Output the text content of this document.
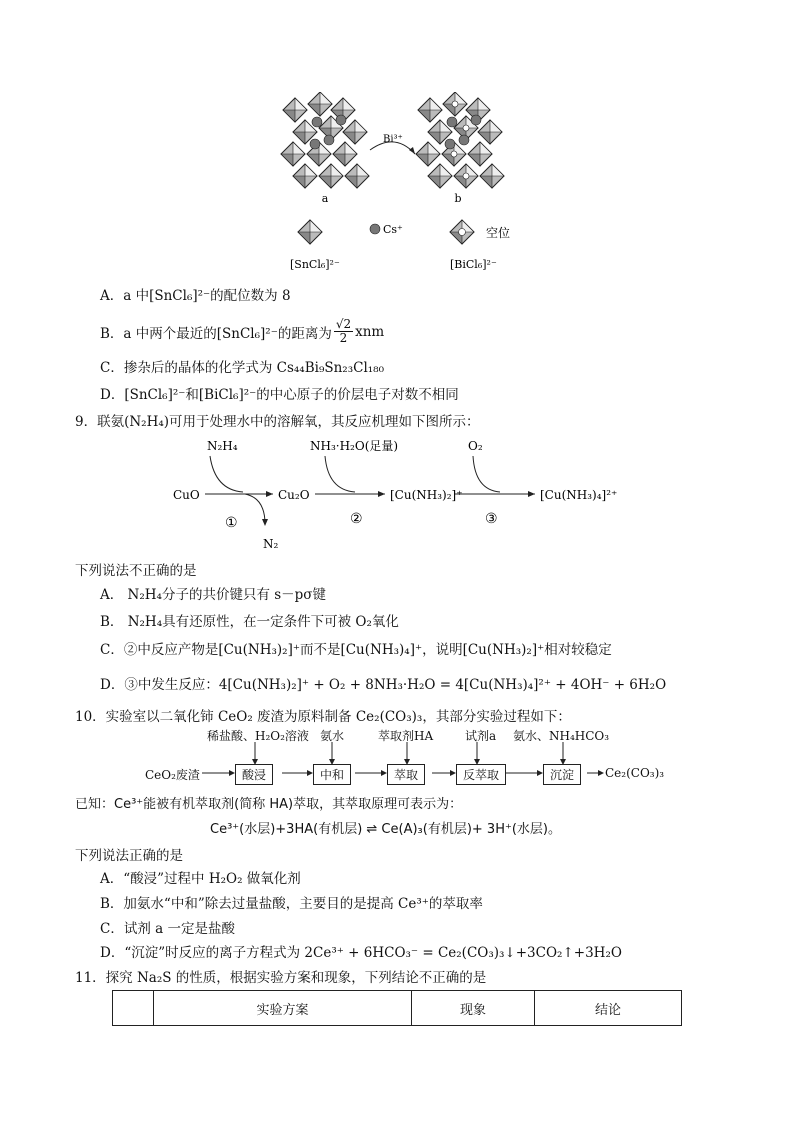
a	b
Bi³⁺
Cs⁺	空位
[SnCl₆]²⁻	[BiCl₆]²⁻
A．a 中[SnCl₆]²⁻的配位数为 8
B．a 中两个最近的[SnCl₆]²⁻的距离为 $\frac{√2}{2}$ xnm
C．掺杂后的晶体的化学式为 Cs₄₄Bi₉Sn₂₃Cl₁₈₀
D．[SnCl₆]²⁻和[BiCl₆]²⁻的中心原子的价层电子对数不相同
9．联氨(N₂H₄)可用于处理水中的溶解氧，其反应机理如下图所示：
N₂H₄	NH₃·H₂O(足量)	O₂
CuO	Cu₂O	[Cu(NH₃)₂]⁺	[Cu(NH₃)₄]²⁺
N₂
①	②	③
下列说法不正确的是
A． N₂H₄分子的共价键只有 s－pσ键
B． N₂H₄具有还原性，在一定条件下可被 O₂氧化
C．②中反应产物是[Cu(NH₃)₂]⁺而不是[Cu(NH₃)₄]⁺，说明[Cu(NH₃)₂]⁺相对较稳定
D．③中发生反应：4[Cu(NH₃)₂]⁺ + O₂ + 8NH₃·H₂O = 4[Cu(NH₃)₄]²⁺ + 4OH⁻ + 6H₂O
10．实验室以二氧化铈 CeO₂ 废渣为原料制备 Ce₂(CO₃)₃，其部分实验过程如下：
稀盐酸、H₂O₂溶液 氨水	萃取剂HA	试剂a 氨水、NH₄HCO₃
CeO₂废渣	酸浸	中和	萃取	反萃取	沉淀	Ce₂(CO₃)₃
已知：Ce³⁺能被有机萃取剂(简称 HA)萃取，其萃取原理可表示为：
Ce³⁺(水层)+3HA(有机层) ⇌ Ce(A)₃(有机层)+ 3H⁺(水层)。
下列说法正确的是
A．“酸浸”过程中 H₂O₂ 做氧化剂
B．加氨水“中和”除去过量盐酸，主要目的是提高 Ce³⁺的萃取率
C．试剂 a 一定是盐酸
D．“沉淀”时反应的离子方程式为 2Ce³⁺ + 6HCO₃⁻ = Ce₂(CO₃)₃↓+3CO₂↑+3H₂O
11．探究 Na₂S 的性质，根据实验方案和现象，下列结论不正确的是
	实验方案	现象	结论
